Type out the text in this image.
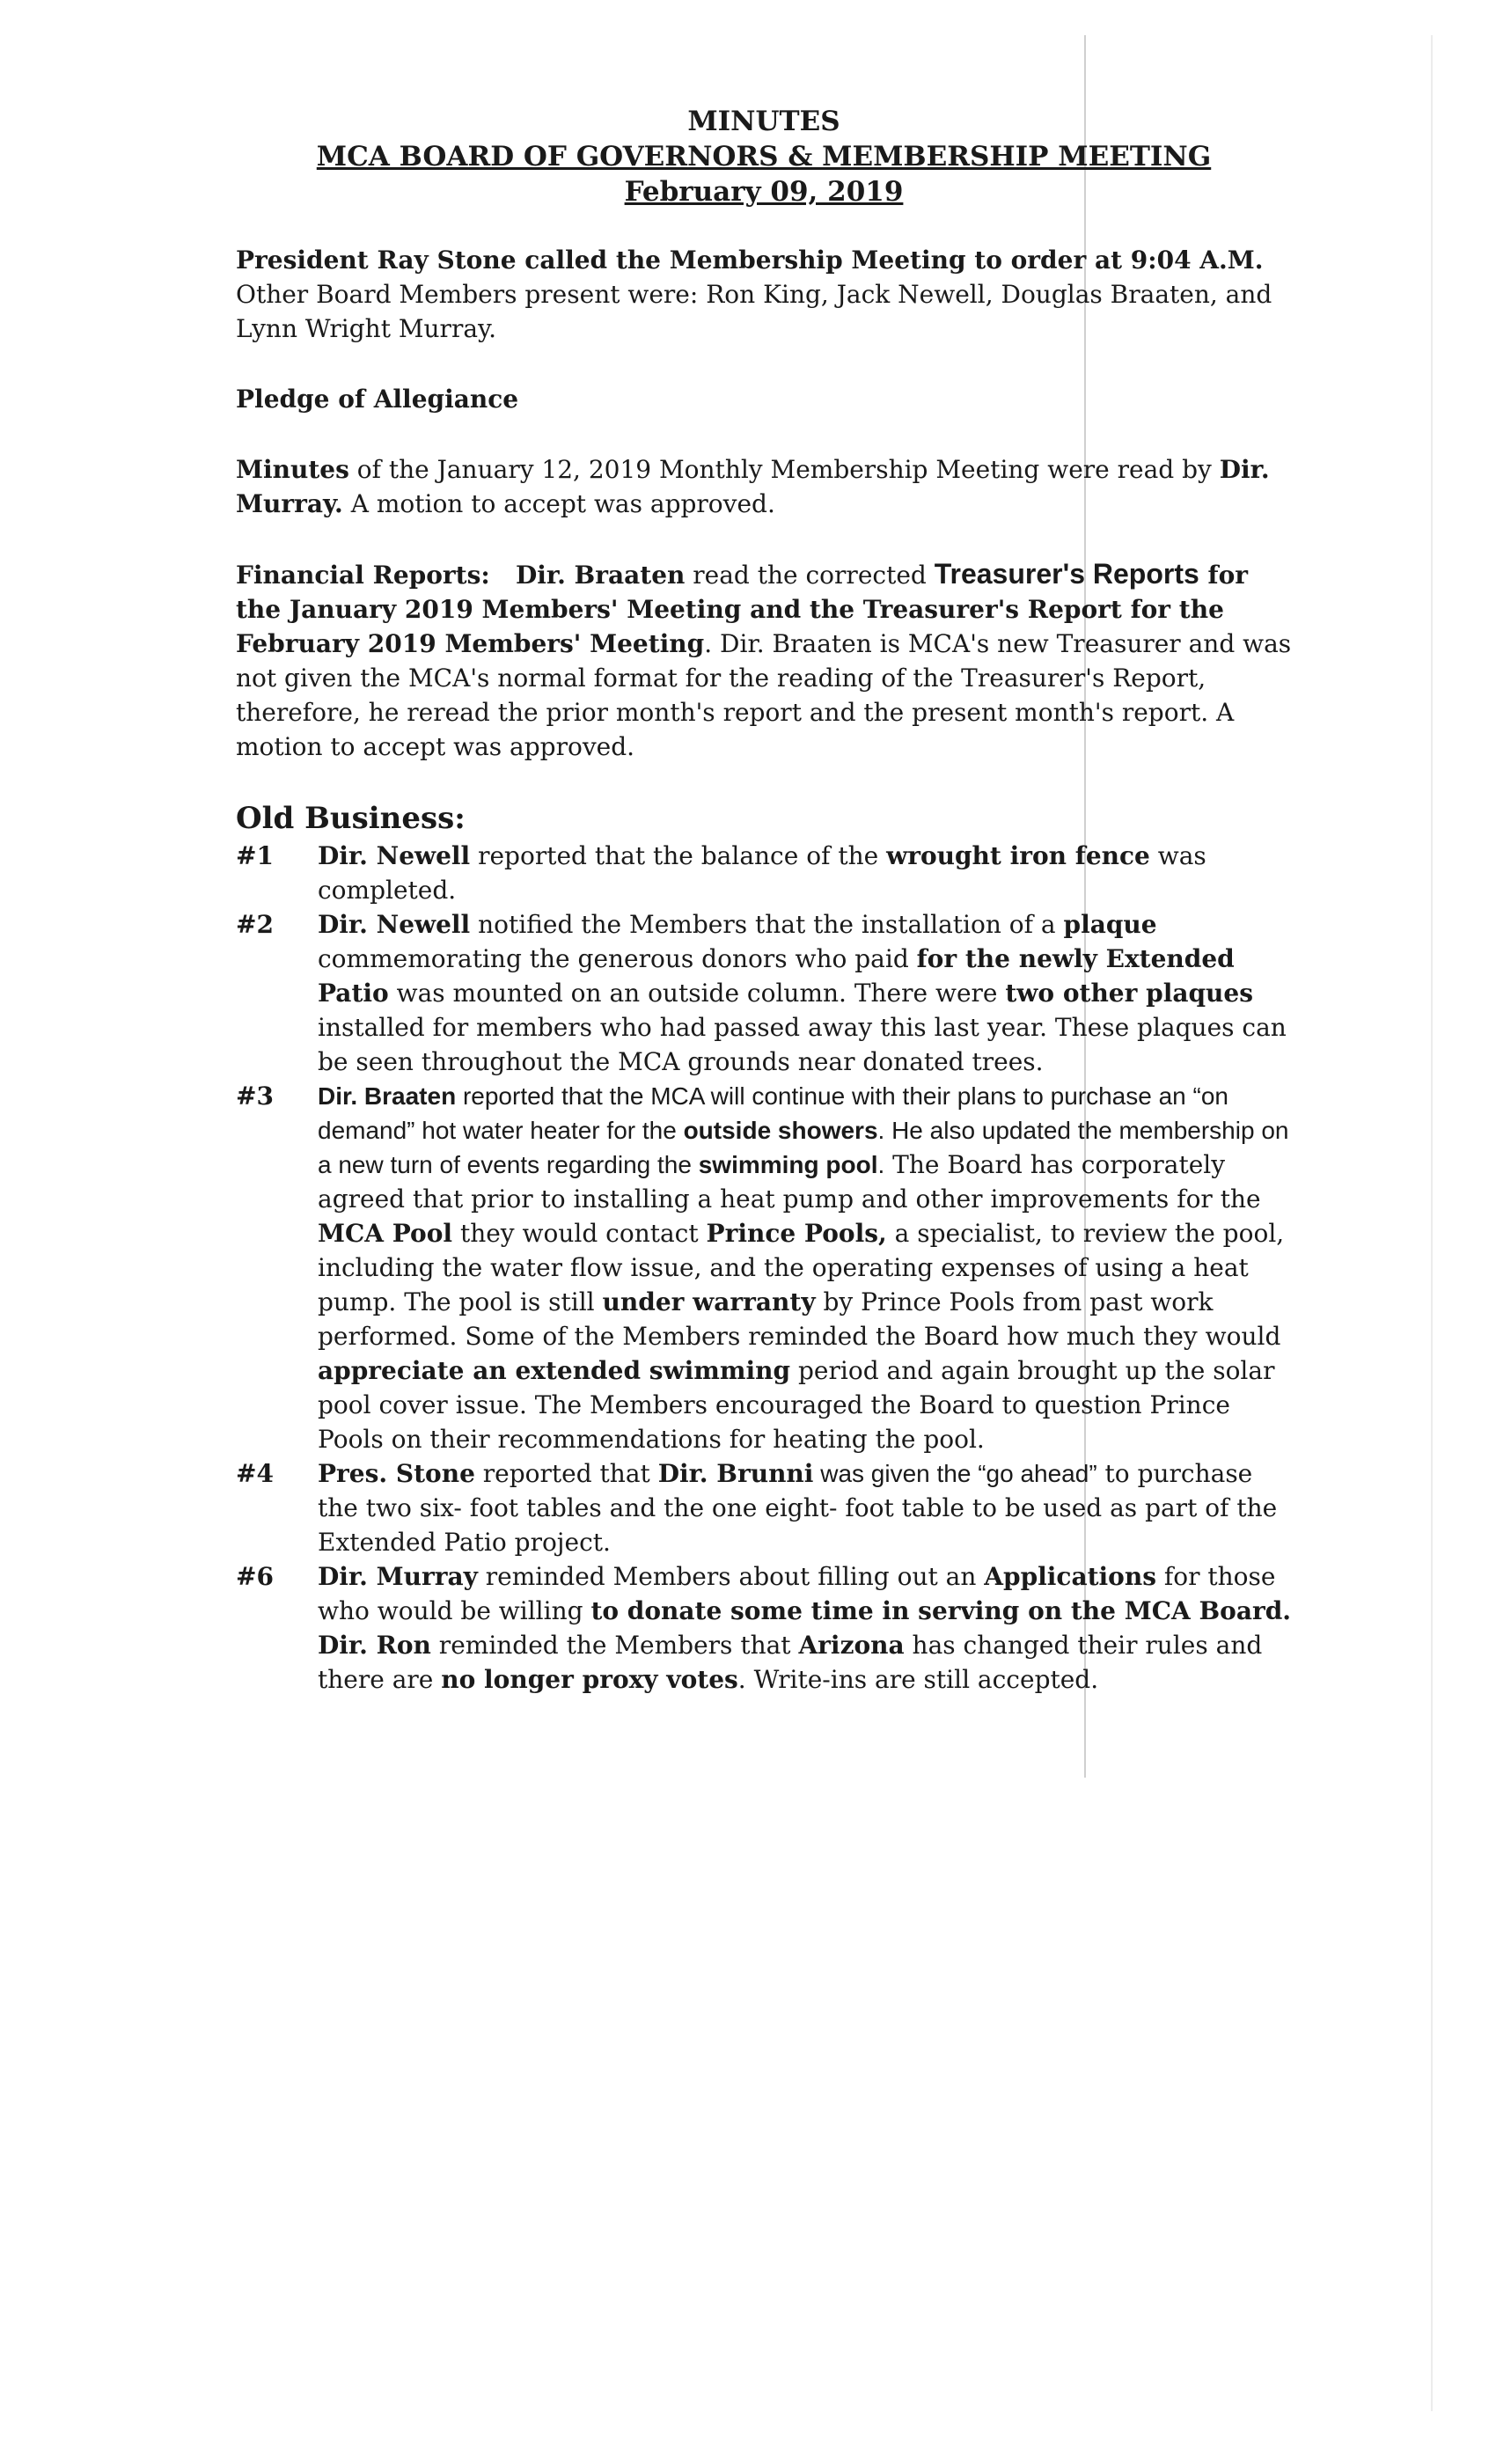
MINUTES
MCA BOARD OF GOVERNORS & MEMBERSHIP MEETING
February 09, 2019

President Ray Stone called the Membership Meeting to order at 9:04 A.M.
Other Board Members present were: Ron King, Jack Newell, Douglas Braaten, and Lynn Wright Murray.

Pledge of Allegiance

Minutes of the January 12, 2019 Monthly Membership Meeting were read by Dir. Murray. A motion to accept was approved.

Financial Reports:   Dir. Braaten read the corrected Treasurer's Reports for the January 2019 Members' Meeting and the Treasurer's Report for the February 2019 Members' Meeting. Dir. Braaten is MCA's new Treasurer and was not given the MCA's normal format for the reading of the Treasurer's Report, therefore, he reread the prior month's report and the present month's report. A motion to accept was approved.

Old Business:
#1	Dir. Newell reported that the balance of the wrought iron fence was completed.
#2	Dir. Newell notified the Members that the installation of a plaque commemorating the generous donors who paid for the newly Extended Patio was mounted on an outside column. There were two other plaques installed for members who had passed away this last year. These plaques can be seen throughout the MCA grounds near donated trees.
#3	Dir. Braaten reported that the MCA will continue with their plans to purchase an “on demand” hot water heater for the outside showers. He also updated the membership on a new turn of events regarding the swimming pool. The Board has corporately agreed that prior to installing a heat pump and other improvements for the MCA Pool they would contact Prince Pools, a specialist, to review the pool, including the water flow issue, and the operating expenses of using a heat pump. The pool is still under warranty by Prince Pools from past work performed. Some of the Members reminded the Board how much they would appreciate an extended swimming period and again brought up the solar pool cover issue. The Members encouraged the Board to question Prince Pools on their recommendations for heating the pool.
#4	Pres. Stone reported that Dir. Brunni was given the “go ahead” to purchase the two six- foot tables and the one eight- foot table to be used as part of the Extended Patio project.
#6	Dir. Murray reminded Members about filling out an Applications for those who would be willing to donate some time in serving on the MCA Board.
Dir. Ron reminded the Members that Arizona has changed their rules and there are no longer proxy votes. Write-ins are still accepted.
